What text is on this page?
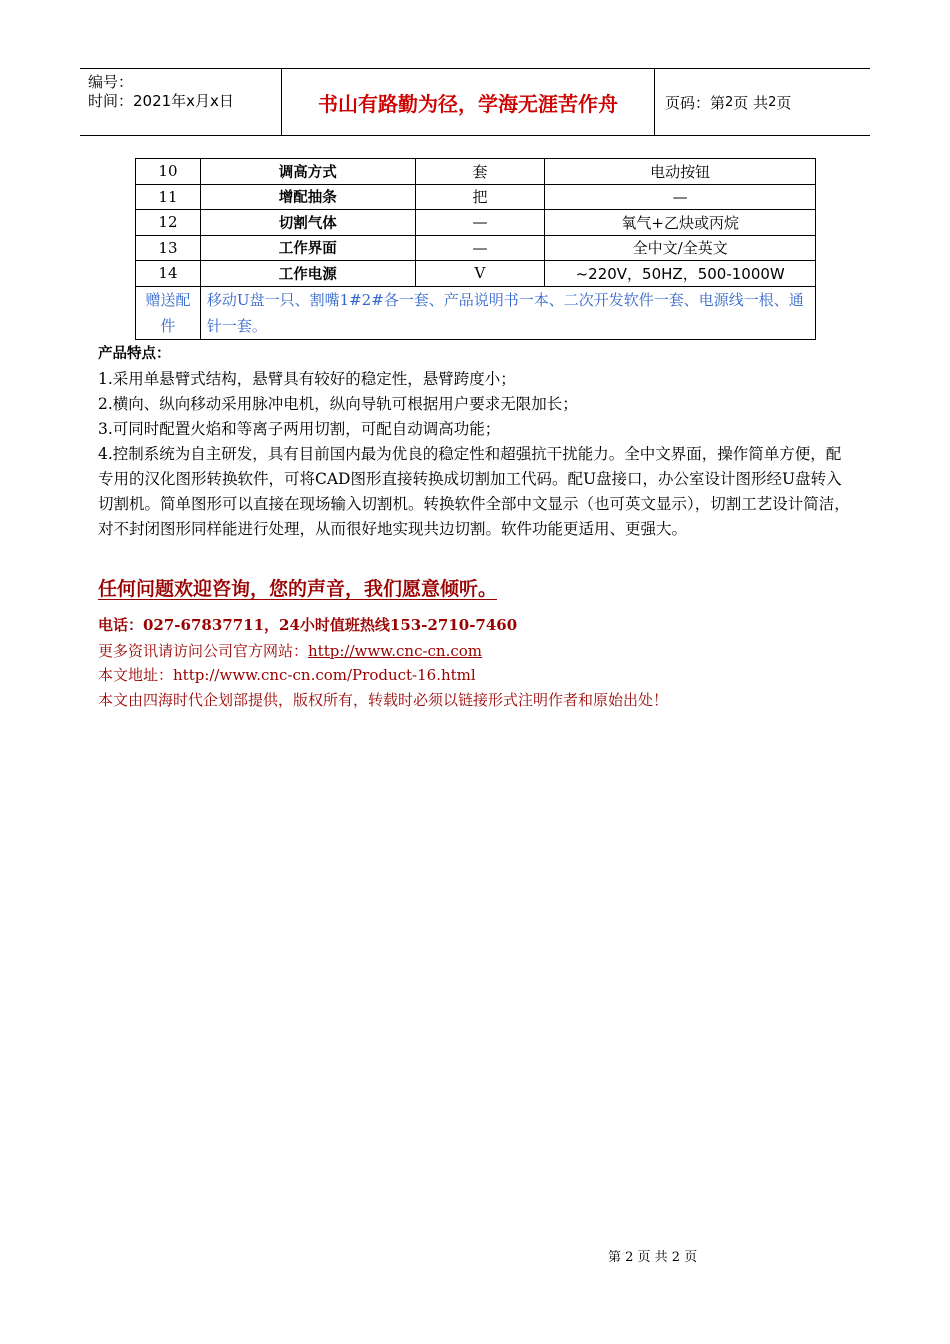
编号：
时间：2021年x月x日	书山有路勤为径，学海无涯苦作舟	页码：第 2 页 共 2 页
10	调高方式	套	电动按钮
11	增配抽条	把	—
12	切割气体	—	氧气+乙炔或丙烷
13	工作界面	—	全中文/全英文
14	工作电源	V	~220V，50HZ，500-1000W
赠送配件	移动U盘一只、割嘴1#2#各一套、产品说明书一本、二次开发软件一套、电源线一根、通针一套。		
产品特点：

1.采用单悬臂式结构，悬臂具有较好的稳定性，悬臂跨度小；

2.横向、纵向移动采用脉冲电机，纵向导轨可根据用户要求无限加长；

3.可同时配置火焰和等离子两用切割，可配自动调高功能；

4.控制系统为自主研发，具有目前国内最为优良的稳定性和超强抗干扰能力。全中文界面，操作简单方便，配专用的汉化图形转换软件，可将CAD图形直接转换成切割加工代码。配U盘接口，办公室设计图形经U盘转入切割机。简单图形可以直接在现场输入切割机。转换软件全部中文显示（也可英文显示），切割工艺设计简洁，对不封闭图形同样能进行处理，从而很好地实现共边切割。软件功能更适用、更强大。

任何问题欢迎咨询，您的声音，我们愿意倾听。
电话：027-67837711，24小时值班热线153-2710-7460
更多资讯请访问公司官方网站：http://www.cnc-cn.com
本文地址：http://www.cnc-cn.com/Product-16.html
本文由四海时代企划部提供，版权所有，转载时必须以链接形式注明作者和原始出处！
第 2 页 共 2 页
